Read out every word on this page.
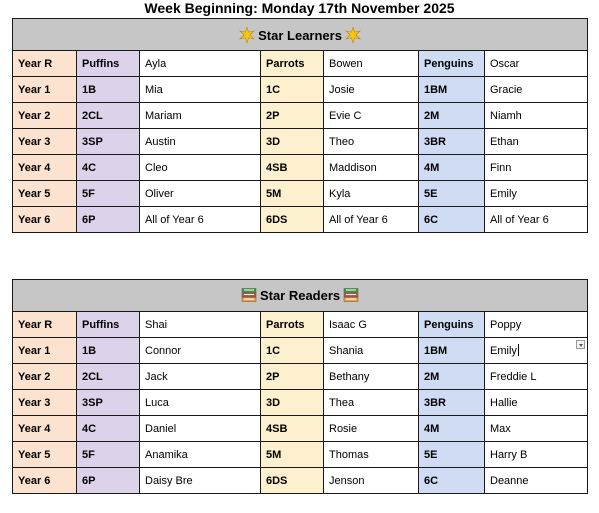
Week Beginning: Monday 17th November 2025
Star Learners						
Year R	Puffins	Ayla	Parrots	Bowen	Penguins	Oscar
Year 1	1B	Mia	1C	Josie	1BM	Gracie
Year 2	2CL	Mariam	2P	Evie C	2M	Niamh
Year 3	3SP	Austin	3D	Theo	3BR	Ethan
Year 4	4C	Cleo	4SB	Maddison	4M	Finn
Year 5	5F	Oliver	5M	Kyla	5E	Emily
Year 6	6P	All of Year 6	6DS	All of Year 6	6C	All of Year 6
Star Readers						
Year R	Puffins	Shai	Parrots	Isaac G	Penguins	Poppy
Year 1	1B	Connor	1C	Shania	1BM	Emily

Year 2	2CL	Jack	2P	Bethany	2M	Freddie L
Year 3	3SP	Luca	3D	Thea	3BR	Hallie
Year 4	4C	Daniel	4SB	Rosie	4M	Max
Year 5	5F	Anamika	5M	Thomas	5E	Harry B
Year 6	6P	Daisy Bre	6DS	Jenson	6C	Deanne
